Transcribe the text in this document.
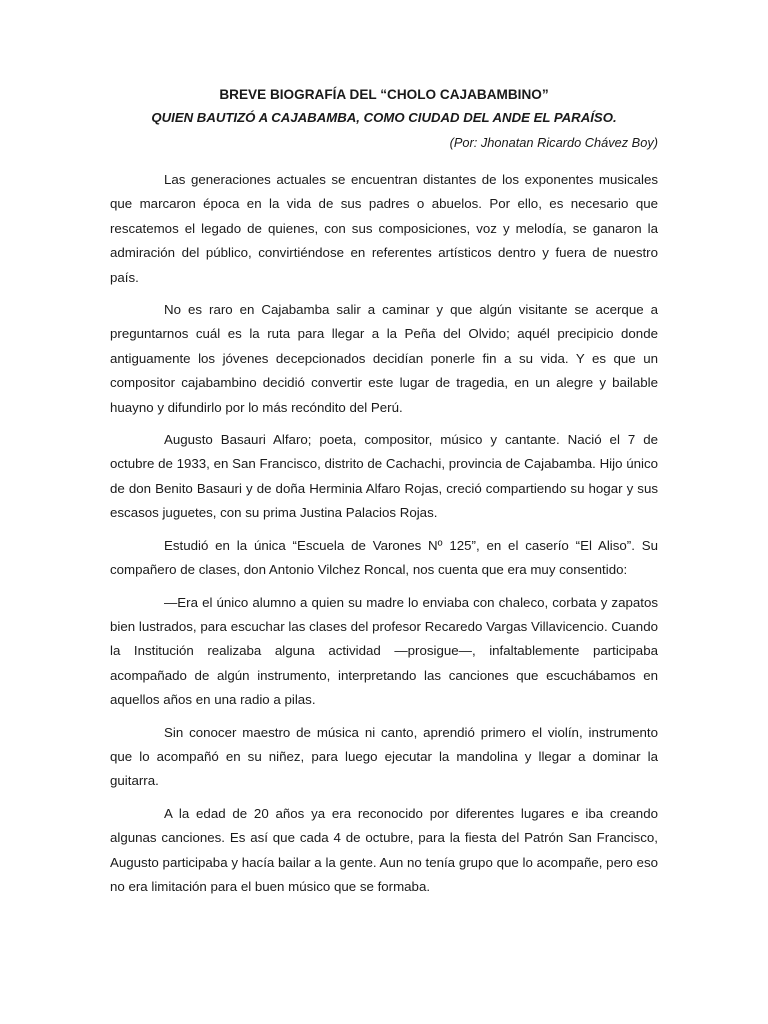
BREVE BIOGRAFÍA DEL “CHOLO CAJABAMBINO”
QUIEN BAUTIZÓ A CAJABAMBA, COMO CIUDAD DEL ANDE EL PARAÍSO.
(Por: Jhonatan Ricardo Chávez Boy)

Las generaciones actuales se encuentran distantes de los exponentes musicales que marcaron época en la vida de sus padres o abuelos. Por ello, es necesario que rescatemos el legado de quienes, con sus composiciones, voz y melodía, se ganaron la admiración del público, convirtiéndose en referentes artísticos dentro y fuera de nuestro país.

No es raro en Cajabamba salir a caminar y que algún visitante se acerque a preguntarnos cuál es la ruta para llegar a la Peña del Olvido; aquél precipicio donde antiguamente los jóvenes decepcionados decidían ponerle fin a su vida. Y es que un compositor cajabambino decidió convertir este lugar de tragedia, en un alegre y bailable huayno y difundirlo por lo más recóndito del Perú.

Augusto Basauri Alfaro; poeta, compositor, músico y cantante. Nació el 7 de octubre de 1933, en San Francisco, distrito de Cachachi, provincia de Cajabamba. Hijo único de don Benito Basauri y de doña Herminia Alfaro Rojas, creció compartiendo su hogar y sus escasos juguetes, con su prima Justina Palacios Rojas.

Estudió en la única “Escuela de Varones Nº 125”, en el caserío “El Aliso”. Su compañero de clases, don Antonio Vilchez Roncal, nos cuenta que era muy consentido:

—Era el único alumno a quien su madre lo enviaba con chaleco, corbata y zapatos bien lustrados, para escuchar las clases del profesor Recaredo Vargas Villavicencio. Cuando la Institución realizaba alguna actividad —prosigue—, infaltablemente participaba acompañado de algún instrumento, interpretando las canciones que escuchábamos en aquellos años en una radio a pilas.

Sin conocer maestro de música ni canto, aprendió primero el violín, instrumento que lo acompañó en su niñez, para luego ejecutar la mandolina y llegar a dominar la guitarra.

A la edad de 20 años ya era reconocido por diferentes lugares e iba creando algunas canciones. Es así que cada 4 de octubre, para la fiesta del Patrón San Francisco, Augusto participaba y hacía bailar a la gente. Aun no tenía grupo que lo acompañe, pero eso no era limitación para el buen músico que se formaba.
